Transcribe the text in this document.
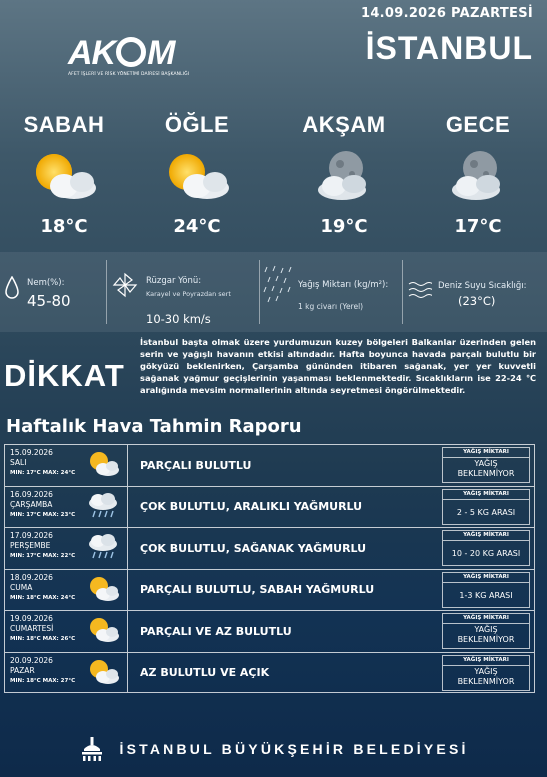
AK M
AFET İŞLERİ VE RİSK YÖNETİMİ DAİRESİ BAŞKANLIĞI
14.09.2026 PAZARTESİ
İSTANBUL
SABAH
18°C
ÖĞLE
24°C
AKŞAM
19°C
GECE
17°C
Nem(%):
45-80
Rüzgar Yönü:
Karayel ve Poyrazdan sert
10-30 km/s
Yağış Miktarı (kg/m²):
1 kg civarı (Yerel)
Deniz Suyu Sıcaklığı:
(23°C)
DİKKAT
İstanbul başta olmak üzere yurdumuzun kuzey bölgeleri Balkanlar üzerinden gelen serin ve yağışlı havanın etkisi altındadır. Hafta boyunca havada parçalı bulutlu bir gökyüzü beklenirken, Çarşamba gününden itibaren sağanak, yer yer kuvvetli sağanak yağmur geçişlerinin yaşanması beklenmektedir. Sıcaklıkların ise 22-24 ℃ aralığında mevsim normallerinin altında seyretmesi öngörülmektedir.
Haftalık Hava Tahmin Raporu
15.09.2026
SALI
MIN: 17°C MAX: 24°C
PARÇALI BULUTLU
YAĞIŞ MİKTARI
YAĞIŞ
BEKLENMİYOR
16.09.2026
ÇARŞAMBA
MIN: 17°C MAX: 23°C
ÇOK BULUTLU, ARALIKLI YAĞMURLU
YAĞIŞ MİKTARI
2 - 5 KG ARASI
17.09.2026
PERŞEMBE
MIN: 17°C MAX: 22°C
ÇOK BULUTLU, SAĞANAK YAĞMURLU
YAĞIŞ MİKTARI
10 - 20 KG ARASI
18.09.2026
CUMA
MIN: 18°C MAX: 24°C
PARÇALI BULUTLU, SABAH YAĞMURLU
YAĞIŞ MİKTARI
1-3 KG ARASI
19.09.2026
CUMARTESİ
MIN: 18°C MAX: 26°C
PARÇALI VE AZ BULUTLU
YAĞIŞ MİKTARI
YAĞIŞ
BEKLENMİYOR
20.09.2026
PAZAR
MIN: 18°C MAX: 27°C
AZ BULUTLU VE AÇIK
YAĞIŞ MİKTARI
YAĞIŞ
BEKLENMİYOR
İSTANBUL BÜYÜKŞEHİR BELEDİYESİ
